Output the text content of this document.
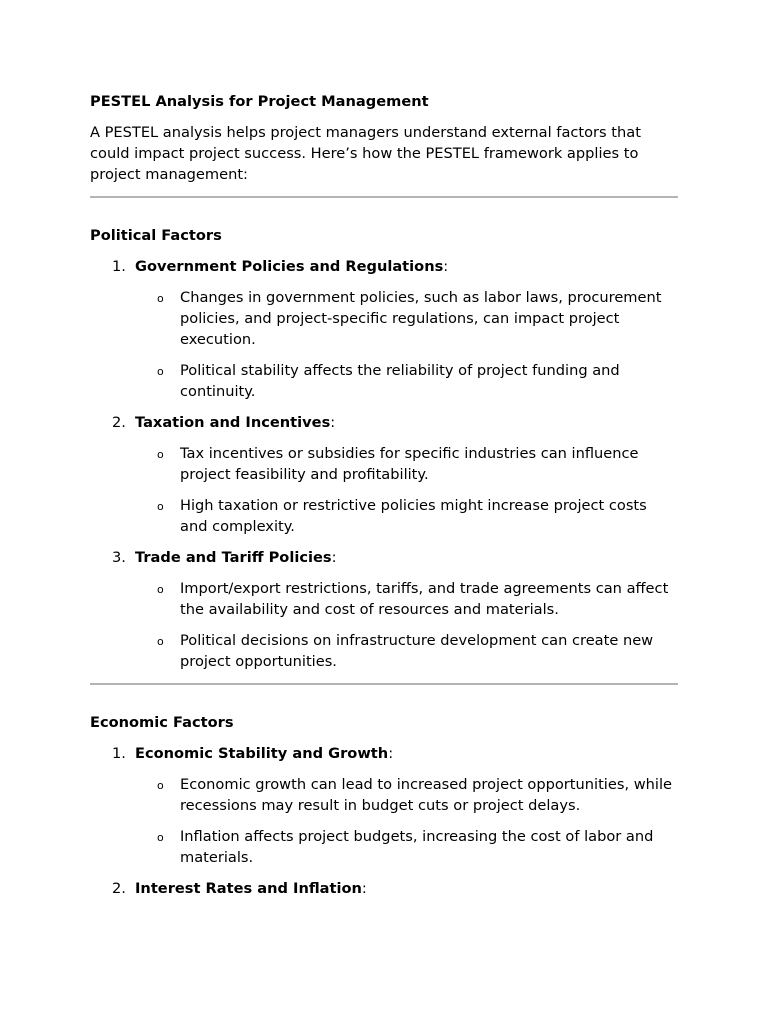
PESTEL Analysis for Project Management

A PESTEL analysis helps project managers understand external factors that could impact project success. Here’s how the PESTEL framework applies to project management:

Political Factors

1. Government Policies and Regulations:
o Changes in government policies, such as labor laws, procurement policies, and project-specific regulations, can impact project execution.
o Political stability affects the reliability of project funding and continuity.
2. Taxation and Incentives:
o Tax incentives or subsidies for specific industries can influence project feasibility and profitability.
o High taxation or restrictive policies might increase project costs and complexity.
3. Trade and Tariff Policies:
o Import/export restrictions, tariffs, and trade agreements can affect the availability and cost of resources and materials.
o Political decisions on infrastructure development can create new project opportunities.

Economic Factors

1. Economic Stability and Growth:
o Economic growth can lead to increased project opportunities, while recessions may result in budget cuts or project delays.
o Inflation affects project budgets, increasing the cost of labor and materials.
2. Interest Rates and Inflation:
